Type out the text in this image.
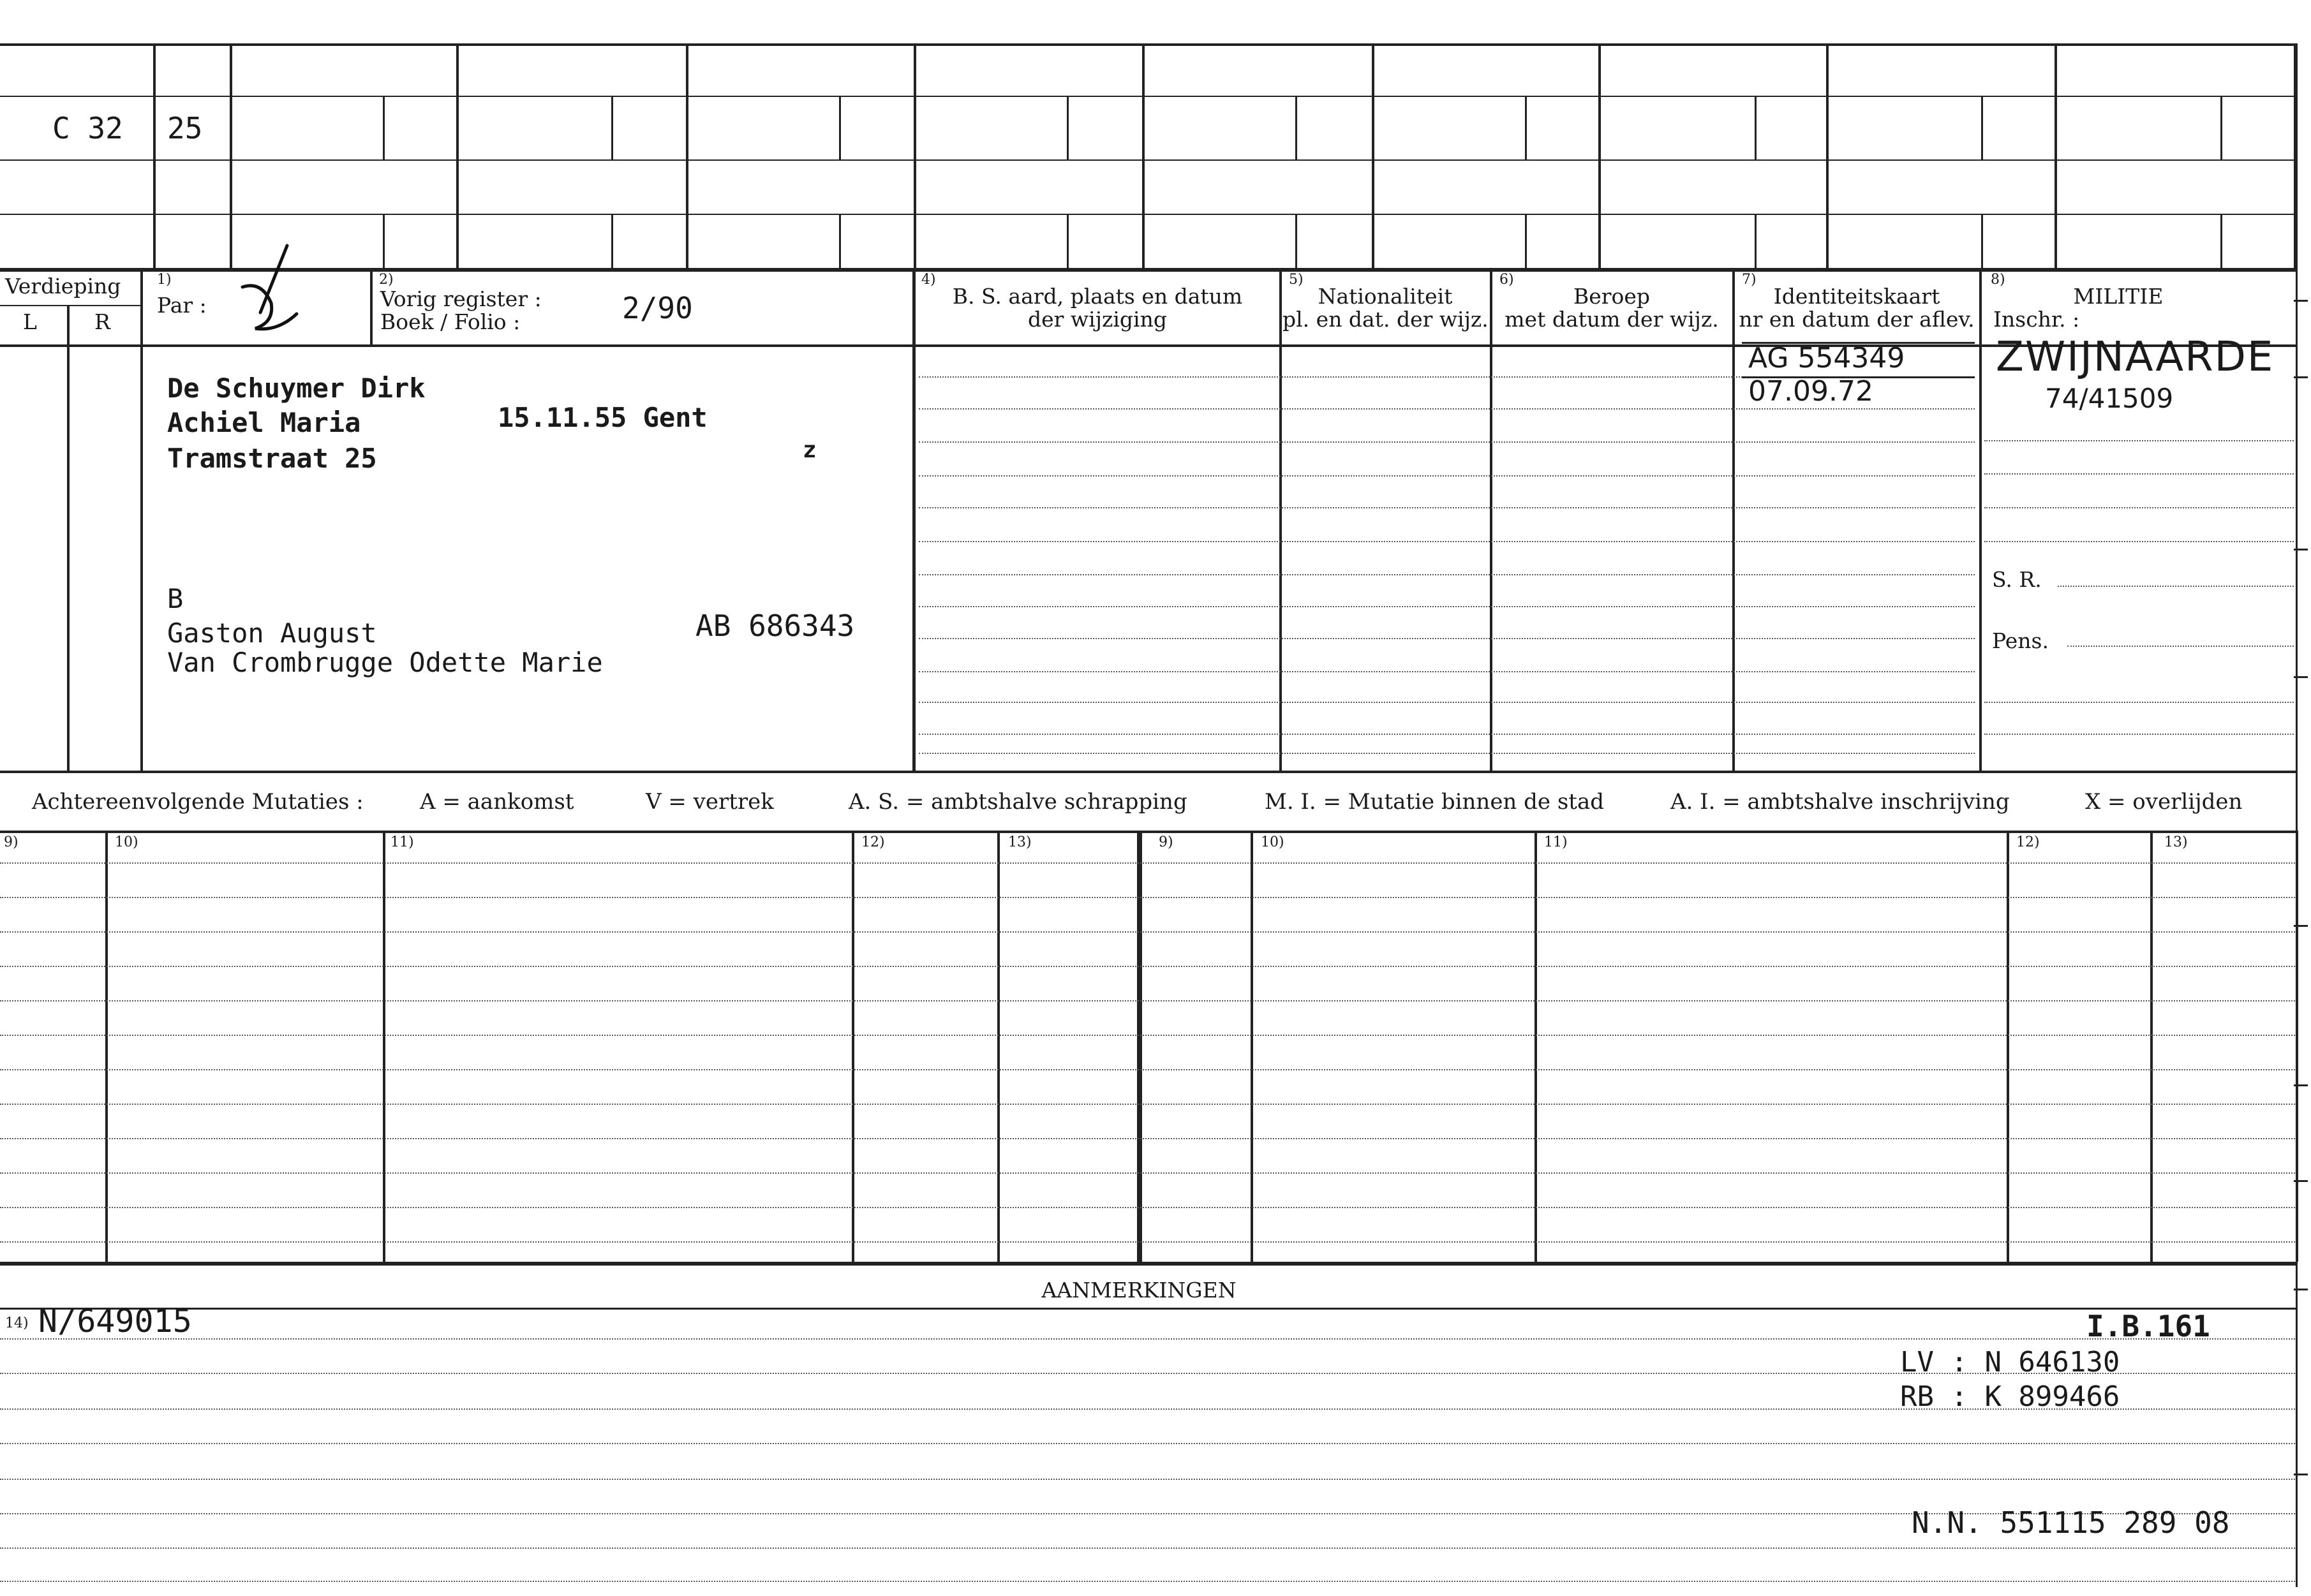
C 32 25
Verdieping
L	R
1)
Par :
2)
Vorig register :
Boek / Folio :	2/90
4)
B. S. aard, plaats en datum
der wijziging
5)
Nationaliteit
pl. en dat. der wijz.
6)
Beroep
met datum der wijz.
7)
Identiteitskaart
nr en datum der aflev.
8)
MILITIE
Inschr. :
De Schuymer Dirk
Achiel Maria	15.11.55 Gent
Tramstraat 25	z
B
Gaston August	AB 686343
Van Crombrugge Odette Marie
AG 554349
07.09.72
ZWIJNAARDE
74/41509
S. R.
Pens.
Achtereenvolgende Mutaties :	A = aankomst	V = vertrek	A. S. = ambtshalve schrapping	M. I. = Mutatie binnen de stad	A. I. = ambtshalve inschrijving	X = overlijden
9)	10)	11)	12)	13)	9)	10)	11)	12)	13)
AANMERKINGEN
14) N/649015	I.B.161
LV : N 646130
RB : K 899466
N.N. 551115 289 08
